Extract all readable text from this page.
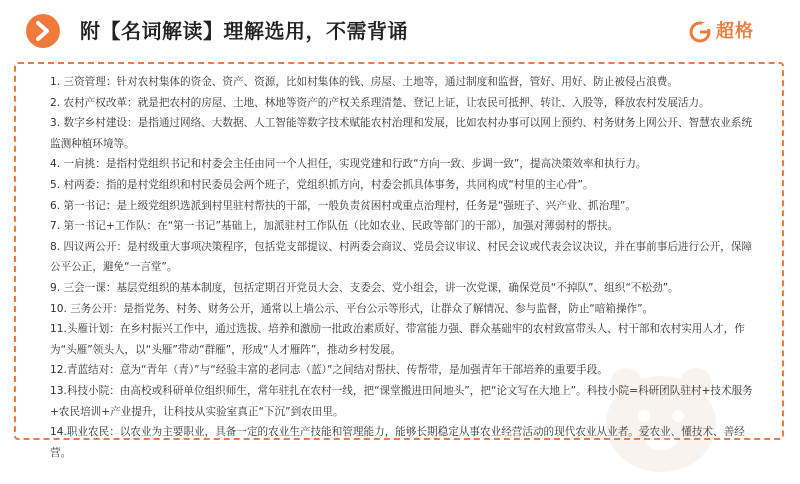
附【名词解读】理解选用，不需背诵	超格
1. 三资管理：针对农村集体的资金、资产、资源，比如村集体的钱、房屋、土地等，通过制度和监督，管好、用好、防止被侵占浪费。
2. 农村产权改革：就是把农村的房屋、土地、林地等资产的产权关系理清楚、登记上证，让农民可抵押、转让、入股等，释放农村发展活力。
3. 数字乡村建设：是指通过网络、大数据、人工智能等数字技术赋能农村治理和发展，比如农村办事可以网上预约、村务财务上网公开、智慧农业系统监测种植环境等。
4. 一肩挑：是指村党组织书记和村委会主任由同一个人担任，实现党建和行政“方向一致、步调一致”，提高决策效率和执行力。
5. 村两委：指的是村党组织和村民委员会两个班子，党组织抓方向，村委会抓具体事务，共同构成“村里的主心骨”。
6. 第一书记：是上级党组织选派到村里驻村帮扶的干部，一般负责贫困村或重点治理村，任务是“强班子、兴产业、抓治理”。
7. 第一书记+工作队：在“第一书记”基础上，加派驻村工作队伍（比如农业、民政等部门的干部），加强对薄弱村的帮扶。
8. 四议两公开：是村级重大事项决策程序，包括党支部提议、村两委会商议、党员会议审议、村民会议或代表会议决议，并在事前事后进行公开，保障公平公正，避免“一言堂”。
9. 三会一课：基层党组织的基本制度，包括定期召开党员大会、支委会、党小组会，讲一次党课，确保党员“不掉队”、组织“不松劲”。
10. 三务公开：是指党务、村务、财务公开，通常以上墙公示、平台公示等形式，让群众了解情况、参与监督，防止“暗箱操作”。
11.头雁计划：在乡村振兴工作中，通过选拔、培养和激励一批政治素质好、带富能力强、群众基础牢的农村致富带头人、村干部和农村实用人才，作为“头雁”领头人，以“头雁”带动“群雁”，形成“人才雁阵”，推动乡村发展。
12.青蓝结对：意为“青年（青）”与“经验丰富的老同志（蓝）”之间结对帮扶、传帮带，是加强青年干部培养的重要手段。
13.科技小院：由高校或科研单位组织师生，常年驻扎在农村一线，把“课堂搬进田间地头”，把“论文写在大地上”。科技小院=科研团队驻村+技术服务+农民培训+产业提升，让科技从实验室真正“下沉”到农田里。
14.职业农民：以农业为主要职业，具备一定的农业生产技能和管理能力，能够长期稳定从事农业经营活动的现代农业从业者。爱农业、懂技术、善经营。
